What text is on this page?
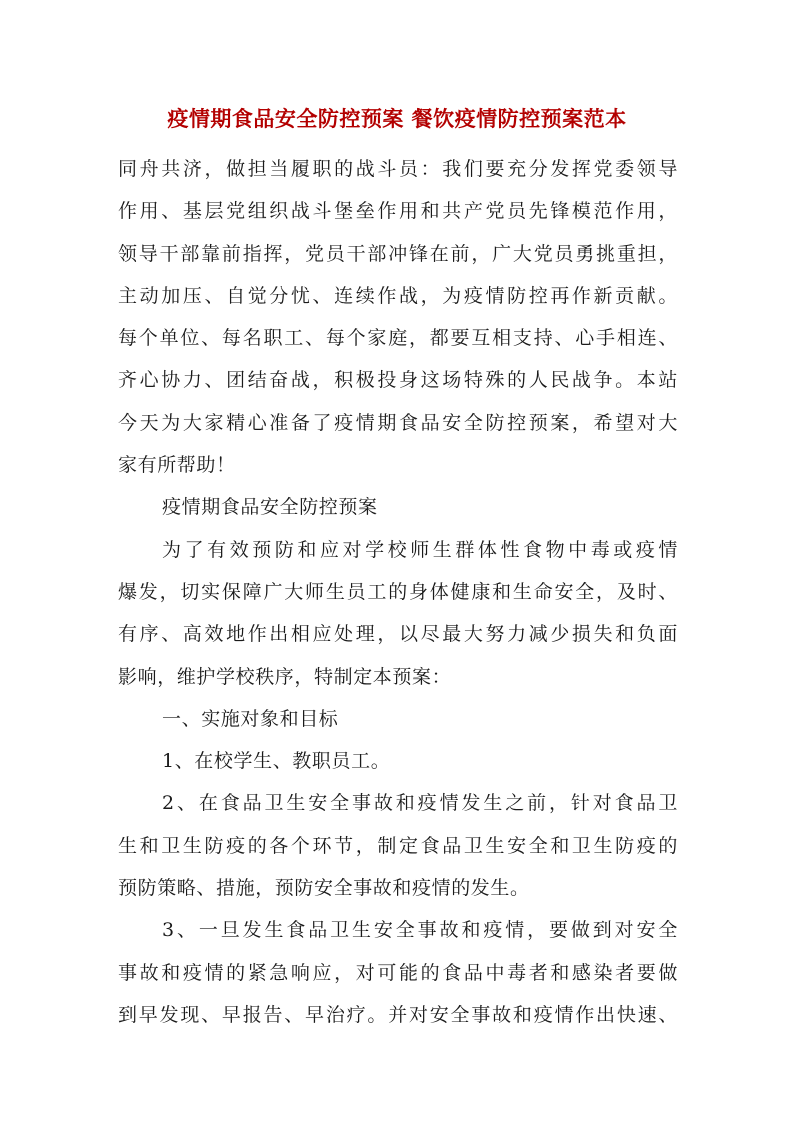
疫情期食品安全防控预案 餐饮疫情防控预案范本
同舟共济，做担当履职的战斗员：我们要充分发挥党委领导
作用、基层党组织战斗堡垒作用和共产党员先锋模范作用，
领导干部靠前指挥，党员干部冲锋在前，广大党员勇挑重担，
主动加压、自觉分忧、连续作战，为疫情防控再作新贡献。
每个单位、每名职工、每个家庭，都要互相支持、心手相连、
齐心协力、团结奋战，积极投身这场特殊的人民战争。本站
今天为大家精心准备了疫情期食品安全防控预案，希望对大
家有所帮助！
疫情期食品安全防控预案
为了有效预防和应对学校师生群体性食物中毒或疫情
爆发，切实保障广大师生员工的身体健康和生命安全，及时、
有序、高效地作出相应处理，以尽最大努力减少损失和负面
影响，维护学校秩序，特制定本预案：
一、实施对象和目标
1、在校学生、教职员工。
2、在食品卫生安全事故和疫情发生之前，针对食品卫
生和卫生防疫的各个环节，制定食品卫生安全和卫生防疫的
预防策略、措施，预防安全事故和疫情的发生。
3、一旦发生食品卫生安全事故和疫情，要做到对安全
事故和疫情的紧急响应，对可能的食品中毒者和感染者要做
到早发现、早报告、早治疗。并对安全事故和疫情作出快速、
